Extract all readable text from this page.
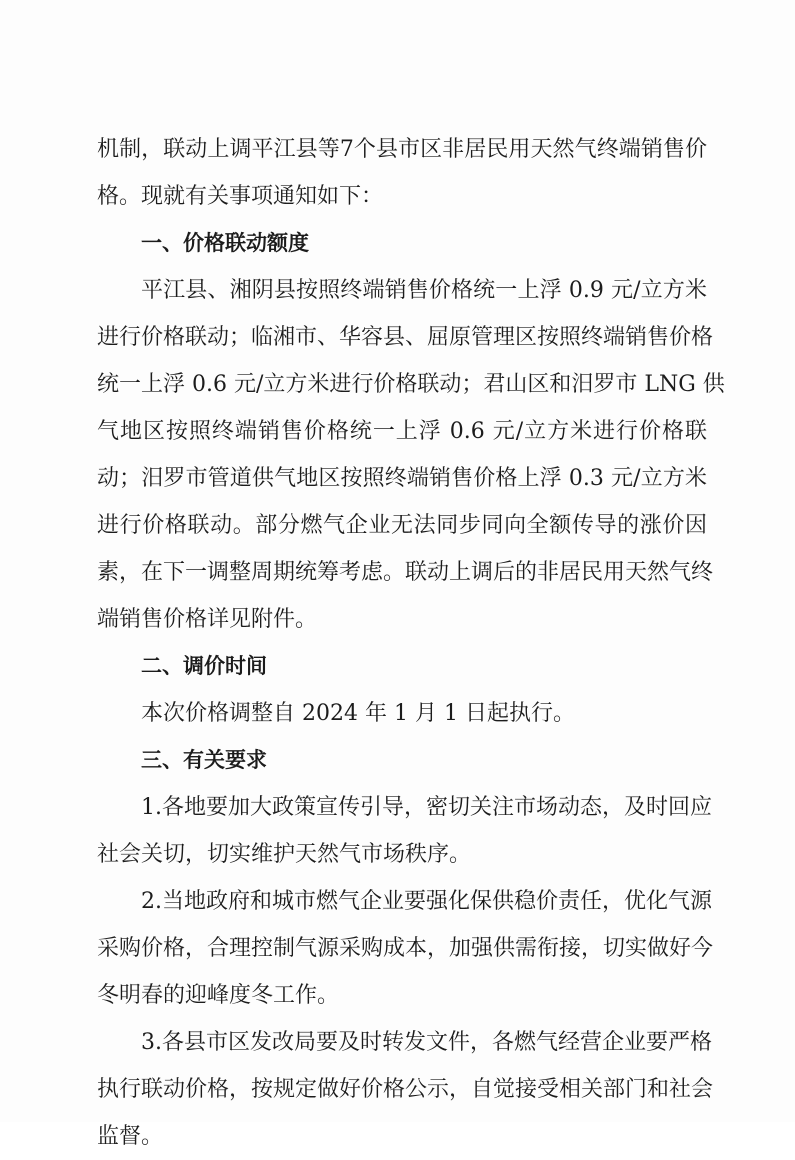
机制，联动上调平江县等7个县市区非居民用天然气终端销售价
格。现就有关事项通知如下：
一、价格联动额度
平江县、湘阴县按照终端销售价格统一上浮 0.9 元/立方米
进行价格联动；临湘市、华容县、屈原管理区按照终端销售价格
统一上浮 0.6 元/立方米进行价格联动；君山区和汨罗市 LNG 供
气地区按照终端销售价格统一上浮 0.6 元/立方米进行价格联
动；汨罗市管道供气地区按照终端销售价格上浮 0.3 元/立方米
进行价格联动。部分燃气企业无法同步同向全额传导的涨价因
素，在下一调整周期统筹考虑。联动上调后的非居民用天然气终
端销售价格详见附件。
二、调价时间
本次价格调整自 2024 年 1 月 1 日起执行。
三、有关要求
1.各地要加大政策宣传引导，密切关注市场动态，及时回应
社会关切，切实维护天然气市场秩序。
2.当地政府和城市燃气企业要强化保供稳价责任，优化气源
采购价格，合理控制气源采购成本，加强供需衔接，切实做好今
冬明春的迎峰度冬工作。
3.各县市区发改局要及时转发文件，各燃气经营企业要严格
执行联动价格，按规定做好价格公示，自觉接受相关部门和社会
监督。
